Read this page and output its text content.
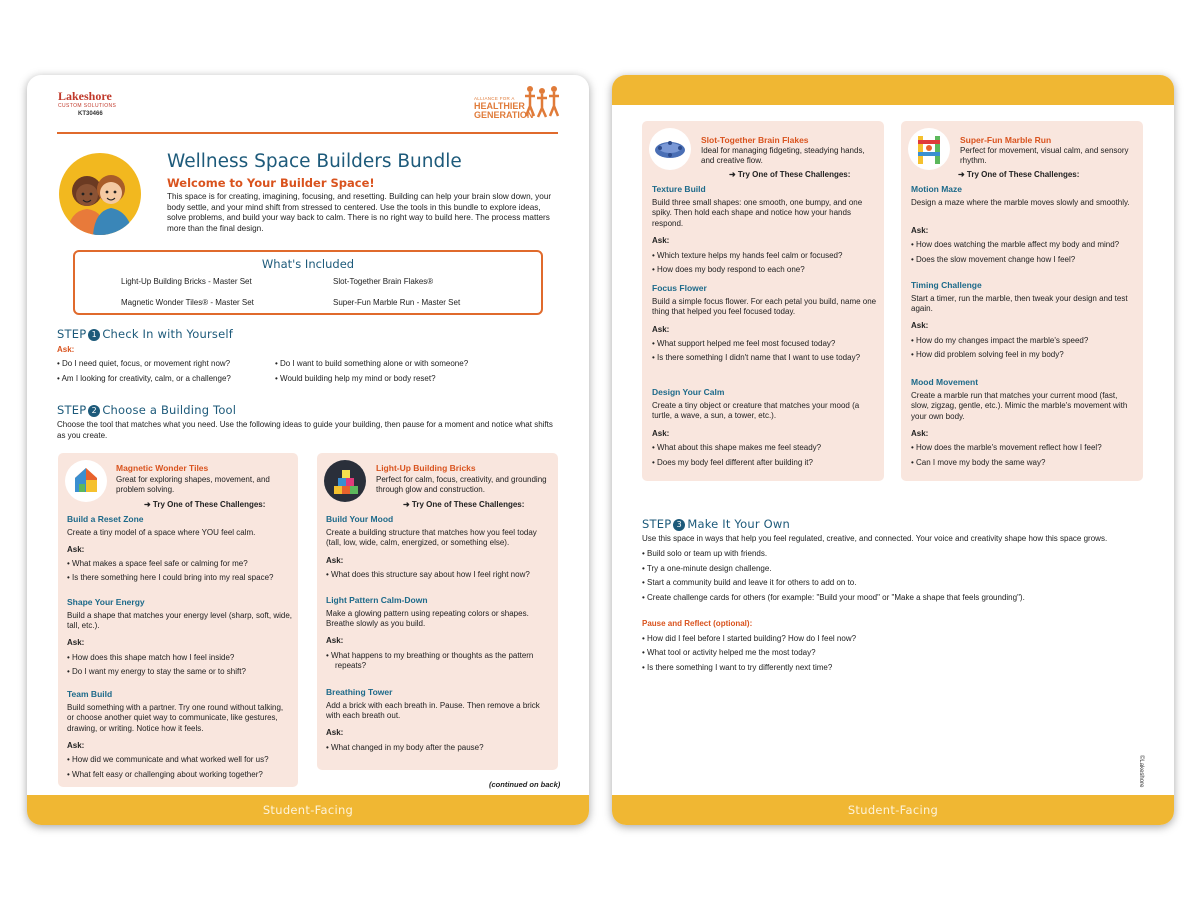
Lakeshore
CUSTOM SOLUTIONS
KT30466
ALLIANCE FOR A
HEALTHIER
GENERATION
Wellness Space Builders Bundle
Welcome to Your Builder Space!
This space is for creating, imagining, focusing, and resetting. Building can help your brain slow down, your body settle, and your mind shift from stressed to centered. Use the tools in this bundle to explore ideas, solve problems, and build your way back to calm. There is no right way to build here. The process matters more than the final design.
What's Included
Light-Up Building Bricks - Master Set	Slot-Together Brain Flakes®
Magnetic Wonder Tiles® - Master Set	Super-Fun Marble Run - Master Set
STEP 1 Check In with Yourself
Ask:
• Do I need quiet, focus, or movement right now?	• Do I want to build something alone or with someone?
• Am I looking for creativity, calm, or a challenge?	• Would building help my mind or body reset?
STEP 2 Choose a Building Tool
Choose the tool that matches what you need. Use the following ideas to guide your building, then pause for a moment and notice what shifts as you create.
Magnetic Wonder Tiles
Great for exploring shapes, movement, and problem solving.
➜ Try One of These Challenges:
Build a Reset Zone
Create a tiny model of a space where YOU feel calm.
Ask:
• What makes a space feel safe or calming for me?
• Is there something here I could bring into my real space?
Shape Your Energy
Build a shape that matches your energy level (sharp, soft, wide, tall, etc.).
Ask:
• How does this shape match how I feel inside?
• Do I want my energy to stay the same or to shift?
Team Build
Build something with a partner. Try one round without talking, or choose another quiet way to communicate, like gestures, drawing, or writing. Notice how it feels.
Ask:
• How did we communicate and what worked well for us?
• What felt easy or challenging about working together?
Light-Up Building Bricks
Perfect for calm, focus, creativity, and grounding through glow and construction.
➜ Try One of These Challenges:
Build Your Mood
Create a building structure that matches how you feel today (tall, low, wide, calm, energized, or something else).
Ask:
• What does this structure say about how I feel right now?
Light Pattern Calm-Down
Make a glowing pattern using repeating colors or shapes. Breathe slowly as you build.
Ask:
• What happens to my breathing or thoughts as the pattern repeats?
Breathing Tower
Add a brick with each breath in. Pause. Then remove a brick with each breath out.
Ask:
• What changed in my body after the pause?
(continued on back)
Student-Facing
Slot-Together Brain Flakes
Ideal for managing fidgeting, steadying hands, and creative flow.
➜ Try One of These Challenges:
Texture Build
Build three small shapes: one smooth, one bumpy, and one spiky. Then hold each shape and notice how your hands respond.
Ask:
• Which texture helps my hands feel calm or focused?
• How does my body respond to each one?
Focus Flower
Build a simple focus flower. For each petal you build, name one thing that helped you feel focused today.
Ask:
• What support helped me feel most focused today?
• Is there something I didn't name that I want to use today?
Design Your Calm
Create a tiny object or creature that matches your mood (a turtle, a wave, a sun, a tower, etc.).
Ask:
• What about this shape makes me feel steady?
• Does my body feel different after building it?
Super-Fun Marble Run
Perfect for movement, visual calm, and sensory rhythm.
➜ Try One of These Challenges:
Motion Maze
Design a maze where the marble moves slowly and smoothly.
Ask:
• How does watching the marble affect my body and mind?
• Does the slow movement change how I feel?
Timing Challenge
Start a timer, run the marble, then tweak your design and test again.
Ask:
• How do my changes impact the marble's speed?
• How did problem solving feel in my body?
Mood Movement
Create a marble run that matches your current mood (fast, slow, zigzag, gentle, etc.). Mimic the marble's movement with your own body.
Ask:
• How does the marble's movement reflect how I feel?
• Can I move my body the same way?
STEP 3 Make It Your Own
Use this space in ways that help you feel regulated, creative, and connected. Your voice and creativity shape how this space grows.
• Build solo or team up with friends.
• Try a one-minute design challenge.
• Start a community build and leave it for others to add on to.
• Create challenge cards for others (for example: "Build your mood" or "Make a shape that feels grounding").
Pause and Reflect (optional):
• How did I feel before I started building? How do I feel now?
• What tool or activity helped me the most today?
• Is there something I want to try differently next time?
©Lakeshore
Student-Facing
